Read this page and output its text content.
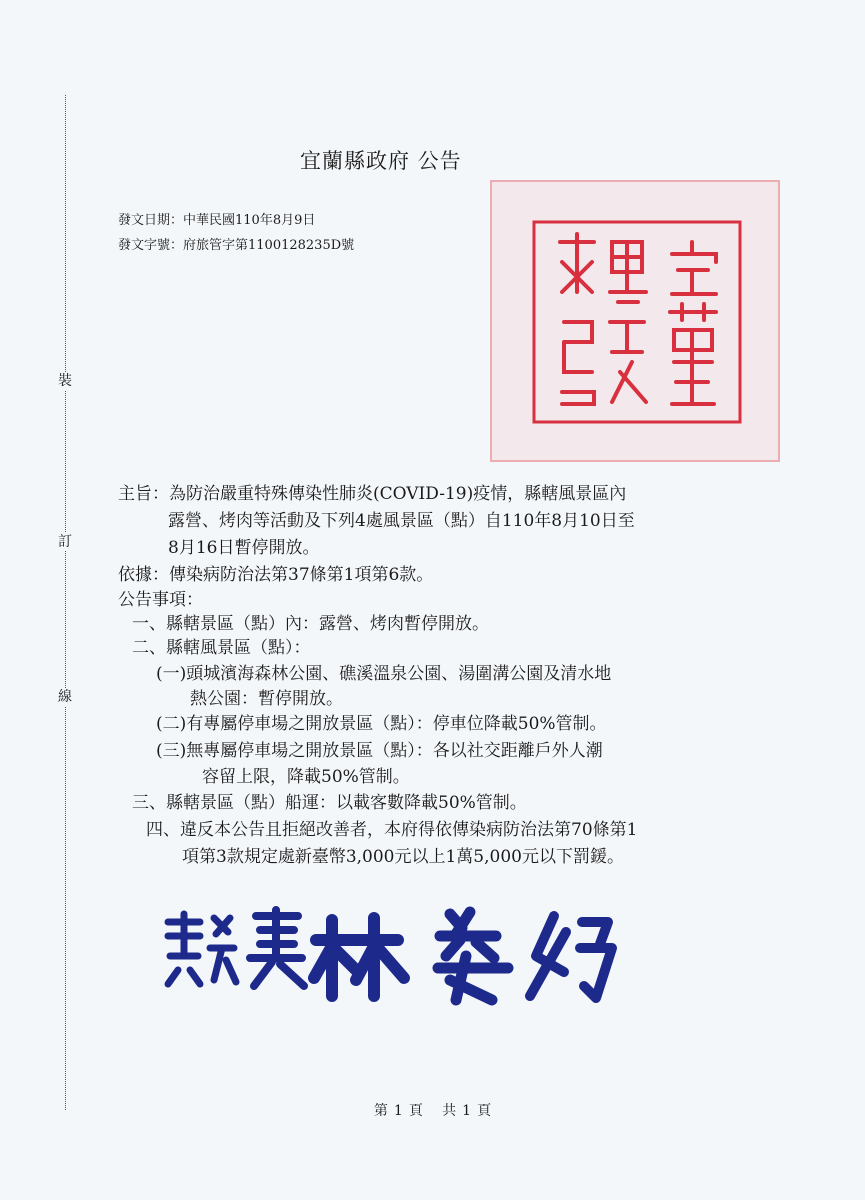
裝
訂
線
宜蘭縣政府 公告
發文日期：中華民國110年8月9日
發文字號：府旅管字第1100128235D號
主旨：為防治嚴重特殊傳染性肺炎(COVID-19)疫情，縣轄風景區內
露營、烤肉等活動及下列4處風景區（點）自110年8月10日至
8月16日暫停開放。
依據：傳染病防治法第37條第1項第6款。
公告事項：
一、縣轄景區（點）內：露營、烤肉暫停開放。
二、縣轄風景區（點）：
(一)頭城濱海森林公園、礁溪溫泉公園、湯圍溝公園及清水地
熱公園：暫停開放。
(二)有專屬停車場之開放景區（點）：停車位降載50%管制。
(三)無專屬停車場之開放景區（點）：各以社交距離戶外人潮
容留上限，降載50%管制。
三、縣轄景區（點）船運：以載客數降載50%管制。
四、違反本公告且拒絕改善者，本府得依傳染病防治法第70條第1
項第3款規定處新臺幣3,000元以上1萬5,000元以下罰鍰。
第 1 頁 共 1 頁
